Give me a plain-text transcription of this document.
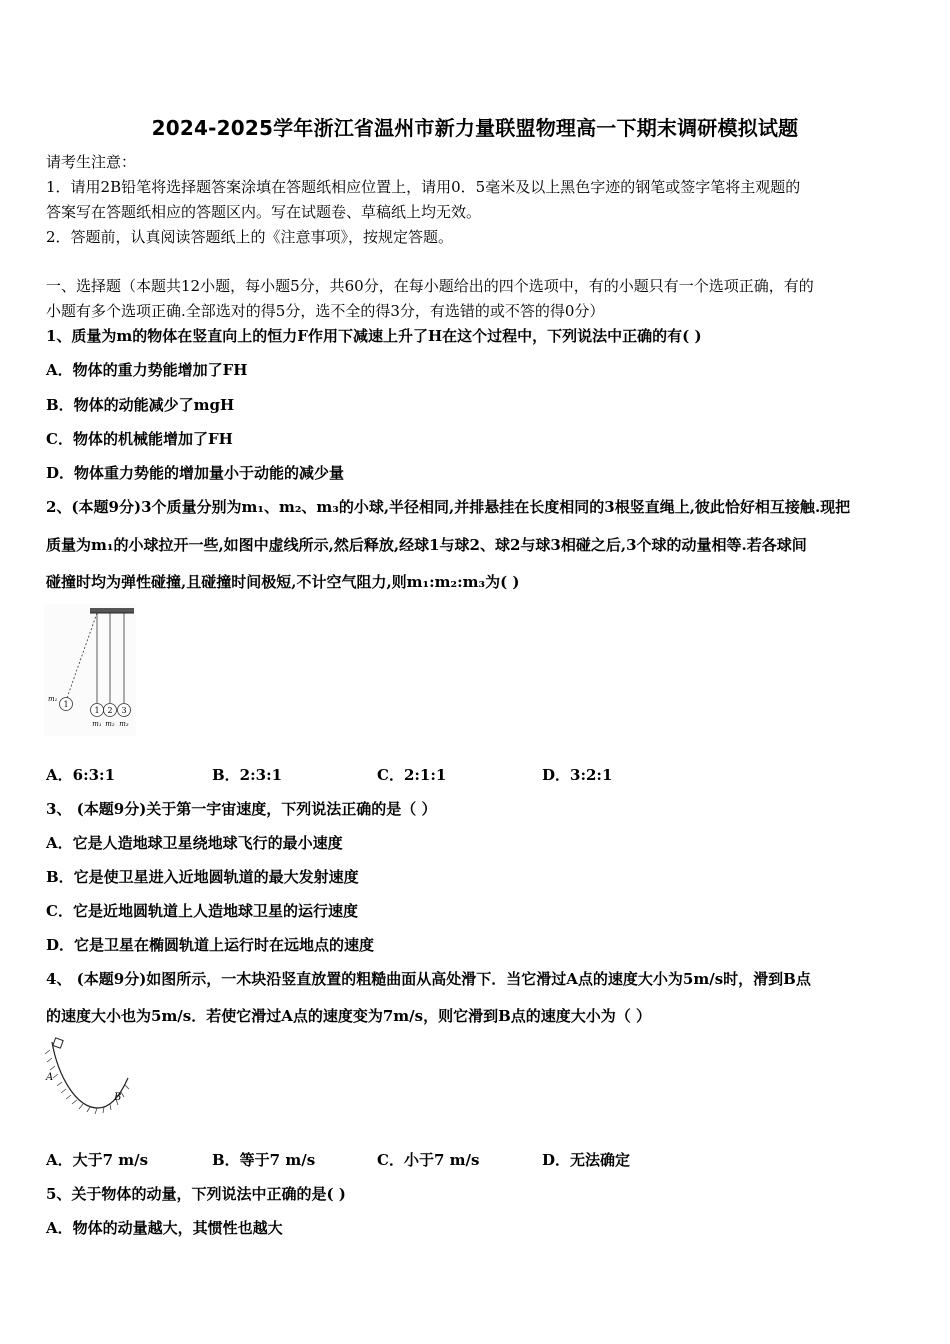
2024-2025学年浙江省温州市新力量联盟物理高一下期末调研模拟试题
请考生注意：
1．请用2B铅笔将选择题答案涂填在答题纸相应位置上，请用0．5毫米及以上黑色字迹的钢笔或签字笔将主观题的
答案写在答题纸相应的答题区内。写在试题卷、草稿纸上均无效。
2．答题前，认真阅读答题纸上的《注意事项》，按规定答题。
一、选择题（本题共12小题，每小题5分，共60分，在每小题给出的四个选项中，有的小题只有一个选项正确，有的
小题有多个选项正确.全部选对的得5分，选不全的得3分，有选错的或不答的得0分）
1、质量为m的物体在竖直向上的恒力F作用下减速上升了H在这个过程中，下列说法中正确的有( )
A．物体的重力势能增加了FH
B．物体的动能减少了mgH
C．物体的机械能增加了FH
D．物体重力势能的增加量小于动能的减少量
2、(本题9分)3个质量分别为m₁、m₂、m₃的小球,半径相同,并排悬挂在长度相同的3根竖直绳上,彼此恰好相互接触.现把
质量为m₁的小球拉开一些,如图中虚线所示,然后释放,经球1与球2、球2与球3相碰之后,3个球的动量相等.若各球间
碰撞时均为弹性碰撞,且碰撞时间极短,不计空气阻力,则m₁:m₂:m₃为( )
1
m₁
1 2 3
m₁ m₂ m₃
A．6:3:1	B．2:3:1	C．2:1:1	D．3:2:1
3、 (本题9分)关于第一宇宙速度，下列说法正确的是（ ）
A．它是人造地球卫星绕地球飞行的最小速度
B．它是使卫星进入近地圆轨道的最大发射速度
C．它是近地圆轨道上人造地球卫星的运行速度
D．它是卫星在椭圆轨道上运行时在远地点的速度
4、 (本题9分)如图所示，一木块沿竖直放置的粗糙曲面从高处滑下．当它滑过A点的速度大小为5m/s时，滑到B点
的速度大小也为5m/s．若使它滑过A点的速度变为7m/s，则它滑到B点的速度大小为（ ）
A
B
A．大于7 m/s	B．等于7 m/s	C．小于7 m/s	D．无法确定
5、关于物体的动量，下列说法中正确的是( )
A．物体的动量越大，其惯性也越大
